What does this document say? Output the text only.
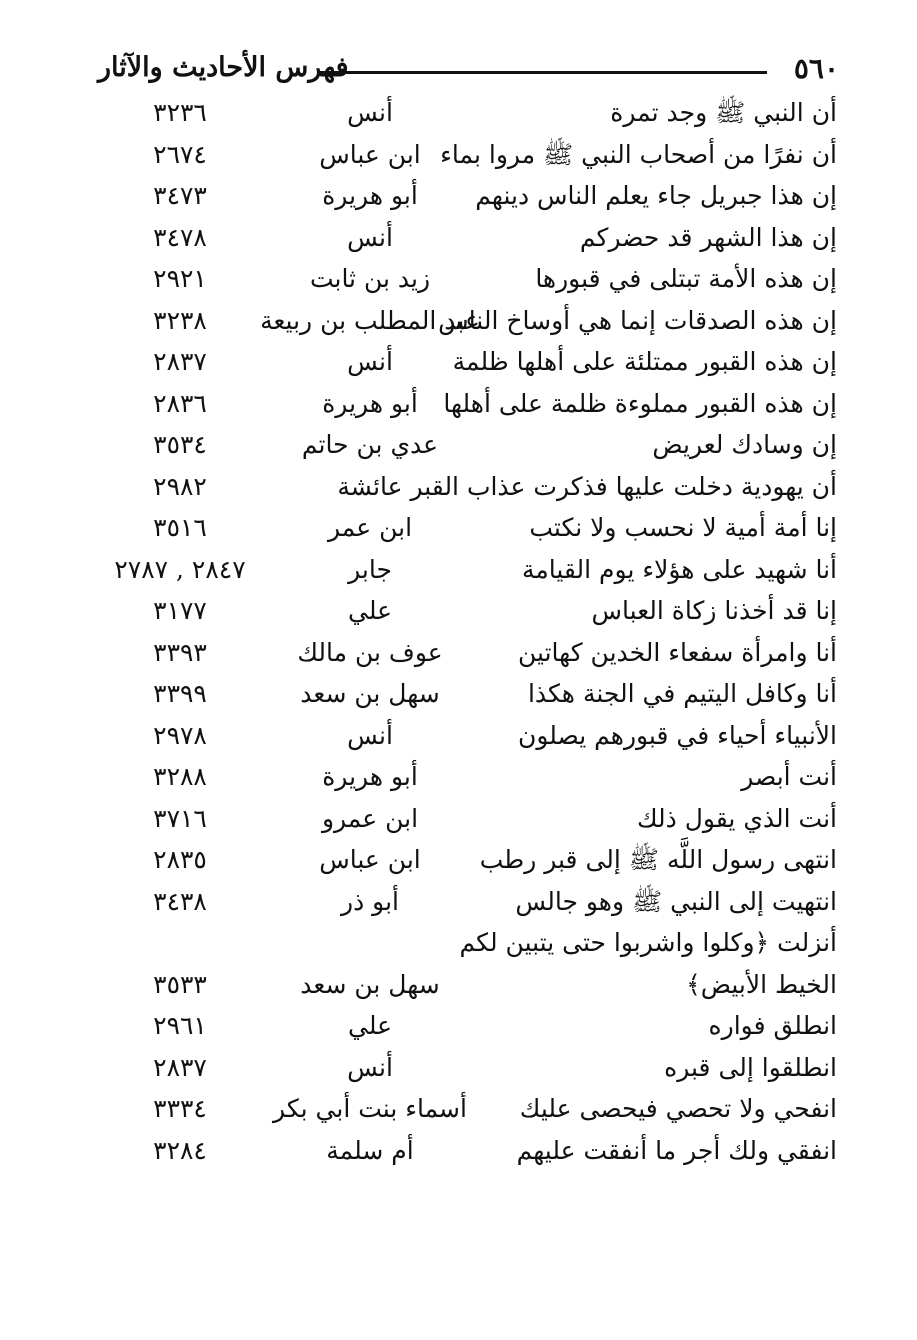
٥٦٠
فهرس الأحاديث والآثار
أن النبي ﷺ وجد تمرة
أنس
٣٢٣٦
أن نفرًا من أصحاب النبي ﷺ مروا بماء
ابن عباس
٢٦٧٤
إن هذا جبريل جاء يعلم الناس دينهم
أبو هريرة
٣٤٧٣
إن هذا الشهر قد حضركم
أنس
٣٤٧٨
إن هذه الأمة تبتلى في قبورها
زيد بن ثابت
٢٩٢١
إن هذه الصدقات إنما هي أوساخ الناس
عبد المطلب بن ربيعة
٣٢٣٨
إن هذه القبور ممتلئة على أهلها ظلمة
أنس
٢٨٣٧
إن هذه القبور مملوءة ظلمة على أهلها
أبو هريرة
٢٨٣٦
إن وسادك لعريض
عدي بن حاتم
٣٥٣٤
أن يهودية دخلت عليها فذكرت عذاب القبر
عائشة
٢٩٨٢
إنا أمة أمية لا نحسب ولا نكتب
ابن عمر
٣٥١٦
أنا شهيد على هؤلاء يوم القيامة
جابر
٢٨٤٧ , ٢٧٨٧
إنا قد أخذنا زكاة العباس
علي
٣١٧٧
أنا وامرأة سفعاء الخدين كهاتين
عوف بن مالك
٣٣٩٣
أنا وكافل اليتيم في الجنة هكذا
سهل بن سعد
٣٣٩٩
الأنبياء أحياء في قبورهم يصلون
أنس
٢٩٧٨
أنت أبصر
أبو هريرة
٣٢٨٨
أنت الذي يقول ذلك
ابن عمرو
٣٧١٦
انتهى رسول اللَّه ﷺ إلى قبر رطب
ابن عباس
٢٨٣٥
انتهيت إلى النبي ﷺ وهو جالس
أبو ذر
٣٤٣٨
أنزلت ﴿وكلوا واشربوا حتى يتبين لكم الخيط الأبيض﴾
سهل بن سعد
٣٥٣٣
انطلق فواره
علي
٢٩٦١
انطلقوا إلى قبره
أنس
٢٨٣٧
انفحي ولا تحصي فيحصى عليك
أسماء بنت أبي بكر
٣٣٣٤
انفقي ولك أجر ما أنفقت عليهم
أم سلمة
٣٢٨٤
